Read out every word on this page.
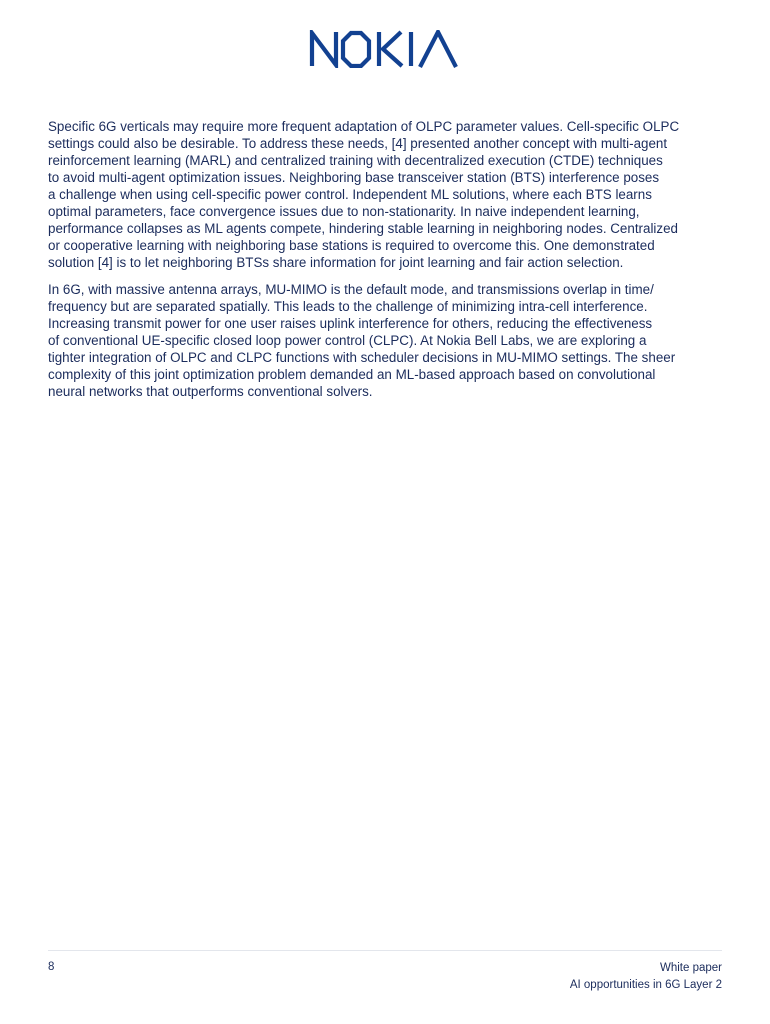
Specific 6G verticals may require more frequent adaptation of OLPC parameter values. Cell-specific OLPC
settings could also be desirable. To address these needs, [4] presented another concept with multi-agent
reinforcement learning (MARL) and centralized training with decentralized execution (CTDE) techniques
to avoid multi-agent optimization issues. Neighboring base transceiver station (BTS) interference poses
a challenge when using cell-specific power control. Independent ML solutions, where each BTS learns
optimal parameters, face convergence issues due to non-stationarity. In naive independent learning,
performance collapses as ML agents compete, hindering stable learning in neighboring nodes. Centralized
or cooperative learning with neighboring base stations is required to overcome this. One demonstrated
solution [4] is to let neighboring BTSs share information for joint learning and fair action selection.

In 6G, with massive antenna arrays, MU-MIMO is the default mode, and transmissions overlap in time/
frequency but are separated spatially. This leads to the challenge of minimizing intra-cell interference.
Increasing transmit power for one user raises uplink interference for others, reducing the effectiveness
of conventional UE-specific closed loop power control (CLPC). At Nokia Bell Labs, we are exploring a
tighter integration of OLPC and CLPC functions with scheduler decisions in MU-MIMO settings. The sheer
complexity of this joint optimization problem demanded an ML-based approach based on convolutional
neural networks that outperforms conventional solvers.

8	White paper
AI opportunities in 6G Layer 2
